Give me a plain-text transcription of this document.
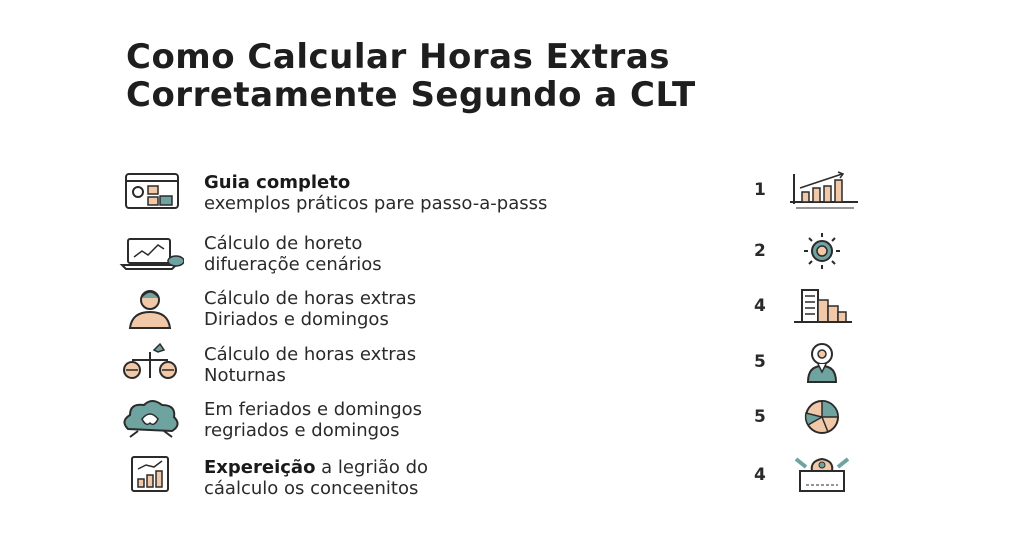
Como Calcular Horas Extras
Corretamente Segundo a CLT
Guia completo
exemplos práticos pare passo-a-passs
1
Cálculo de horeto
difuerаçõe cenários
2
Cálculo de horas extras
Diriados e domingos
4
Cálculo de horas extras
Noturnas
5
Em feriados e domingos
regriados e domingos
5
Expereição a legrião do
cáalculo os conceenitos
4
